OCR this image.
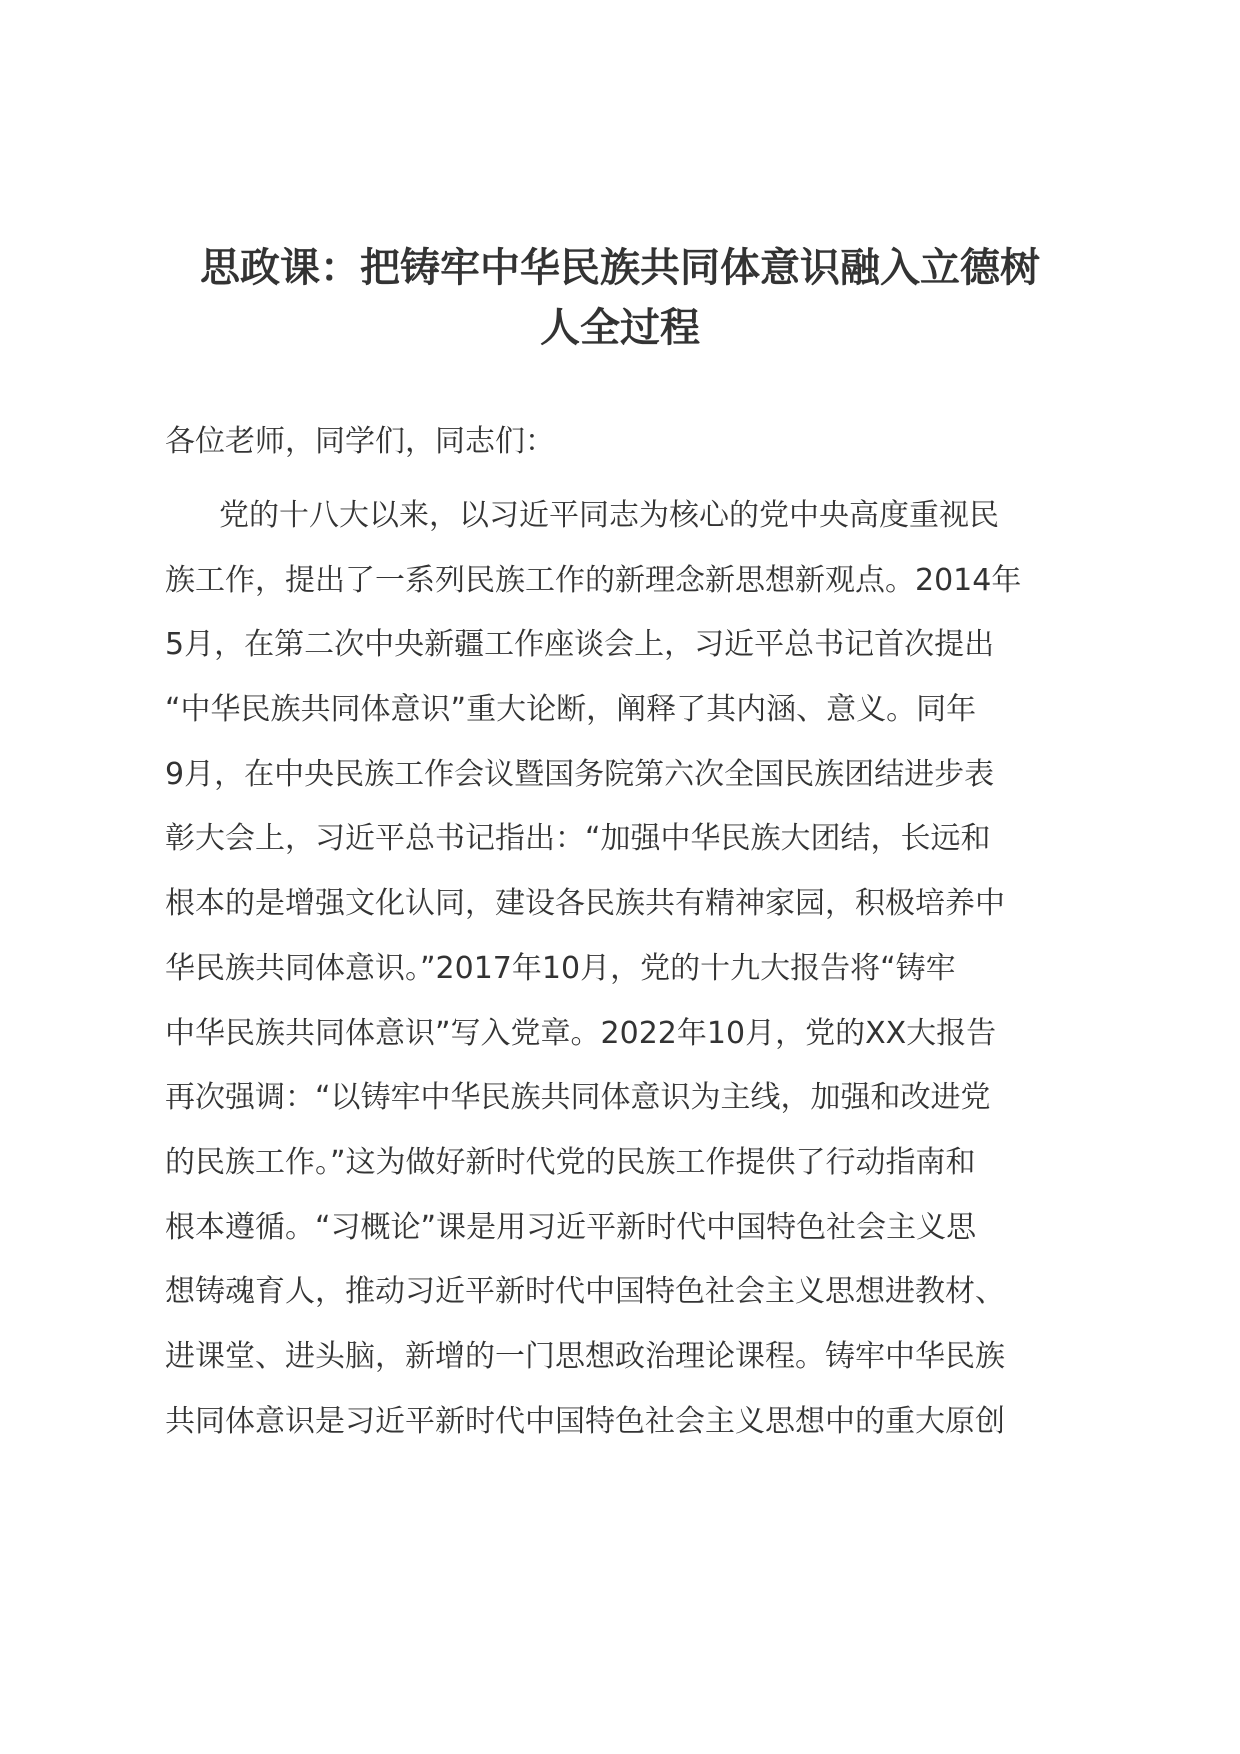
思政课：把铸牢中华民族共同体意识融入立德树
人全过程

各位老师，同学们，同志们：

党的十八大以来，以习近平同志为核心的党中央高度重视民
族工作，提出了一系列民族工作的新理念新思想新观点。2014年
5月，在第二次中央新疆工作座谈会上，习近平总书记首次提出
“中华民族共同体意识”重大论断，阐释了其内涵、意义。同年
9月，在中央民族工作会议暨国务院第六次全国民族团结进步表
彰大会上，习近平总书记指出：“加强中华民族大团结，长远和
根本的是增强文化认同，建设各民族共有精神家园，积极培养中
华民族共同体意识。”2017年10月，党的十九大报告将“铸牢
中华民族共同体意识”写入党章。2022年10月，党的XX大报告
再次强调：“以铸牢中华民族共同体意识为主线，加强和改进党
的民族工作。”这为做好新时代党的民族工作提供了行动指南和
根本遵循。“习概论”课是用习近平新时代中国特色社会主义思
想铸魂育人，推动习近平新时代中国特色社会主义思想进教材、
进课堂、进头脑，新增的一门思想政治理论课程。铸牢中华民族
共同体意识是习近平新时代中国特色社会主义思想中的重大原创
